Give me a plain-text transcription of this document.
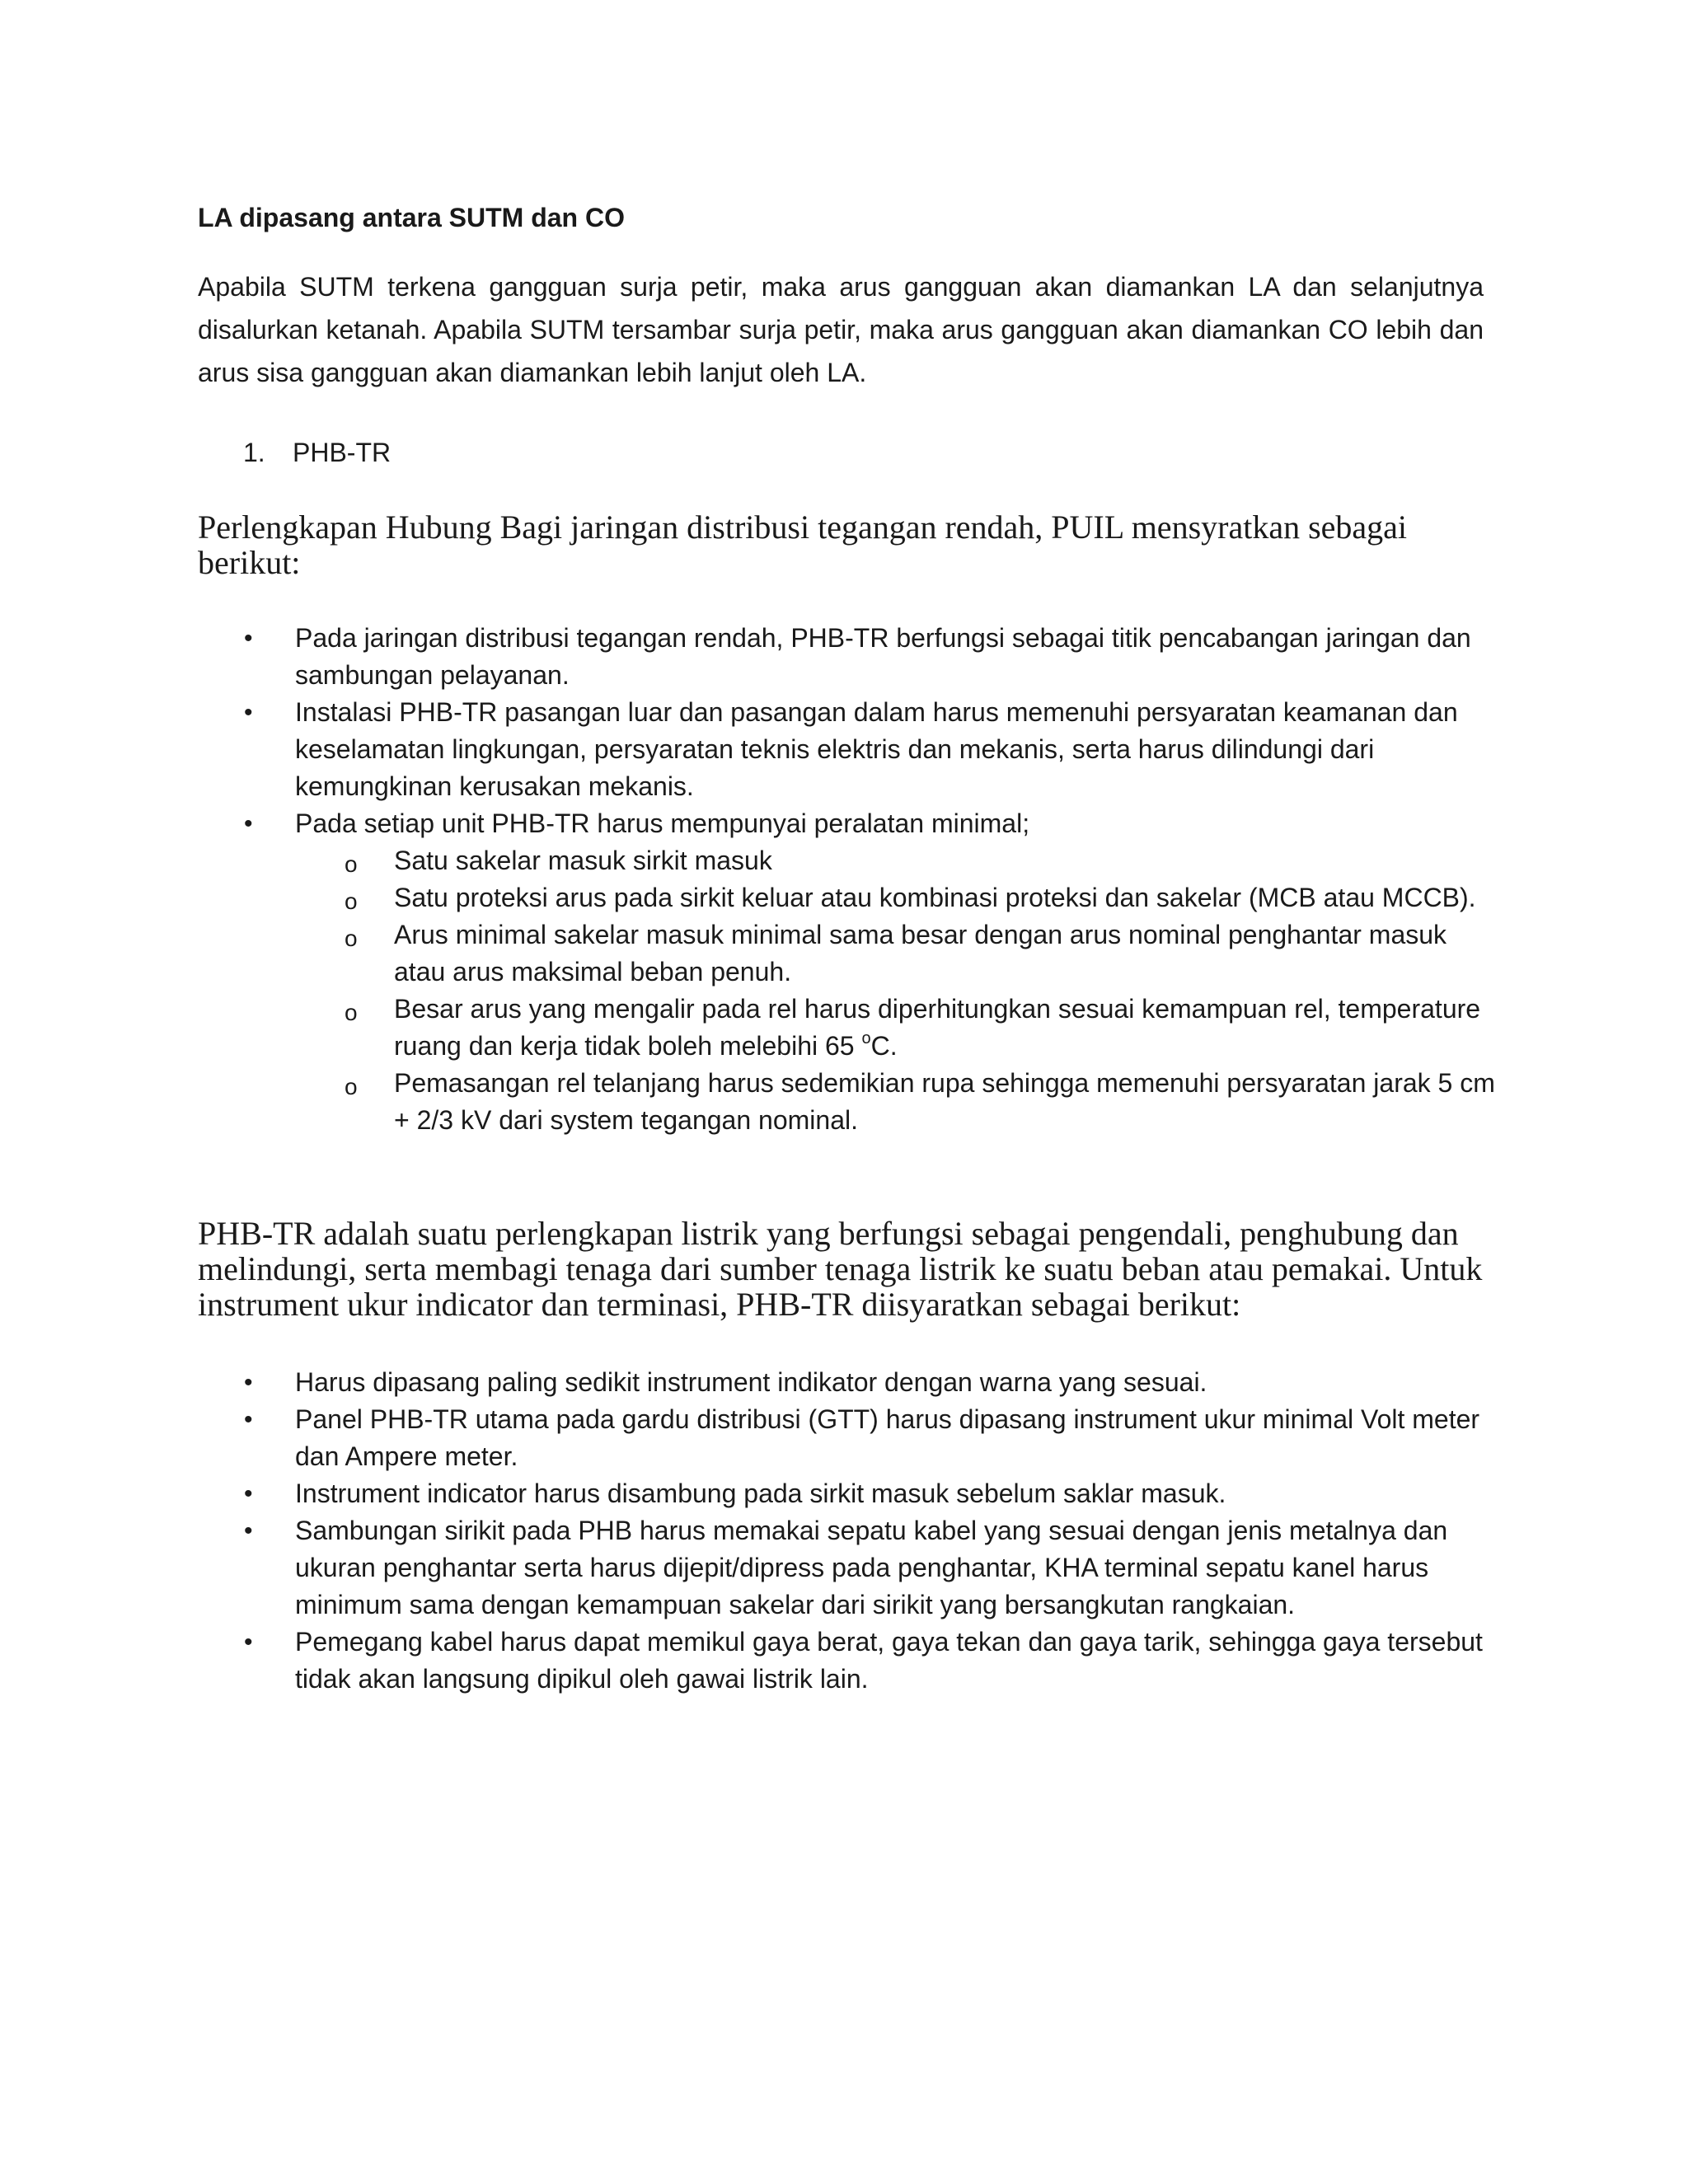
LA dipasang antara SUTM dan CO
Apabila SUTM terkena gangguan surja petir, maka arus gangguan akan diamankan LA dan selanjutnya disalurkan ketanah. Apabila SUTM tersambar surja petir, maka arus gangguan akan diamankan CO lebih dan arus sisa gangguan akan diamankan lebih lanjut oleh LA.
1. PHB-TR
Perlengkapan Hubung Bagi jaringan distribusi tegangan rendah, PUIL mensyratkan sebagai berikut:
• Pada jaringan distribusi tegangan rendah, PHB-TR berfungsi sebagai titik pencabangan jaringan dan sambungan pelayanan.
• Instalasi PHB-TR pasangan luar dan pasangan dalam harus memenuhi persyaratan keamanan dan keselamatan lingkungan, persyaratan teknis elektris dan mekanis, serta harus dilindungi dari kemungkinan kerusakan mekanis.
• Pada setiap unit PHB-TR harus mempunyai peralatan minimal;
o Satu sakelar masuk sirkit masuk
o Satu proteksi arus pada sirkit keluar atau kombinasi proteksi dan sakelar (MCB atau MCCB).
o Arus minimal sakelar masuk minimal sama besar dengan arus nominal penghantar masuk atau arus maksimal beban penuh.
o Besar arus yang mengalir pada rel harus diperhitungkan sesuai kemampuan rel, temperature ruang dan kerja tidak boleh melebihi 65 $^o$C.
o Pemasangan rel telanjang harus sedemikian rupa sehingga memenuhi persyaratan jarak 5 cm + 2/3 kV dari system tegangan nominal.
PHB-TR adalah suatu perlengkapan listrik yang berfungsi sebagai pengendali, penghubung dan melindungi, serta membagi tenaga dari sumber tenaga listrik ke suatu beban atau pemakai. Untuk instrument ukur indicator dan terminasi, PHB-TR diisyaratkan sebagai berikut:
• Harus dipasang paling sedikit instrument indikator dengan warna yang sesuai.
• Panel PHB-TR utama pada gardu distribusi (GTT) harus dipasang instrument ukur minimal Volt meter dan Ampere meter.
• Instrument indicator harus disambung pada sirkit masuk sebelum saklar masuk.
• Sambungan sirikit pada PHB harus memakai sepatu kabel yang sesuai dengan jenis metalnya dan ukuran penghantar serta harus dijepit/dipress pada penghantar, KHA terminal sepatu kanel harus minimum sama dengan kemampuan sakelar dari sirikit yang bersangkutan rangkaian.
• Pemegang kabel harus dapat memikul gaya berat, gaya tekan dan gaya tarik, sehingga gaya tersebut tidak akan langsung dipikul oleh gawai listrik lain.
